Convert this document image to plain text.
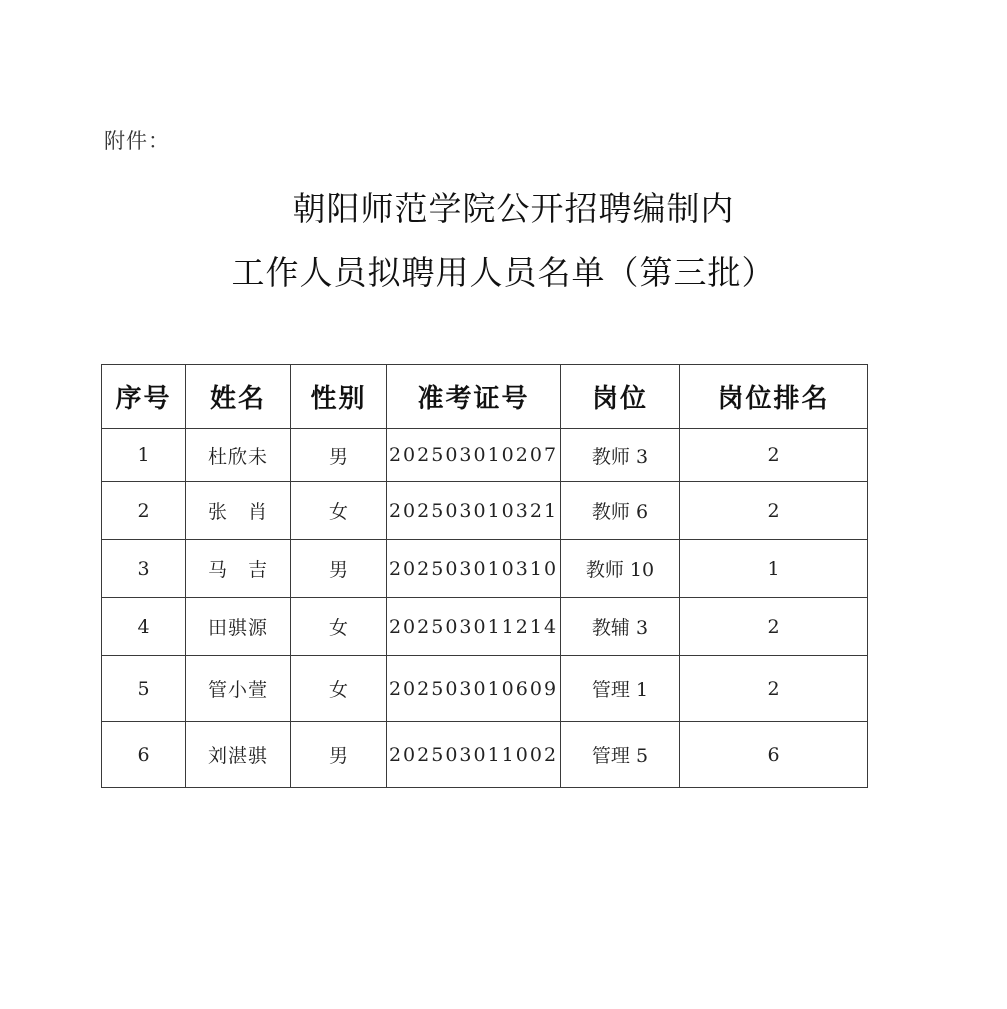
附件：
朝阳师范学院公开招聘编制内
工作人员拟聘用人员名单（第三批）
序号	姓名	性别	准考证号	岗位	岗位排名
1	杜欣未	男	202503010207	教师 3	2
2	张　肖	女	202503010321	教师 6	2
3	马　吉	男	202503010310	教师 10	1
4	田骐源	女	202503011214	教辅 3	2
5	管小萱	女	202503010609	管理 1	2
6	刘湛骐	男	202503011002	管理 5	6
